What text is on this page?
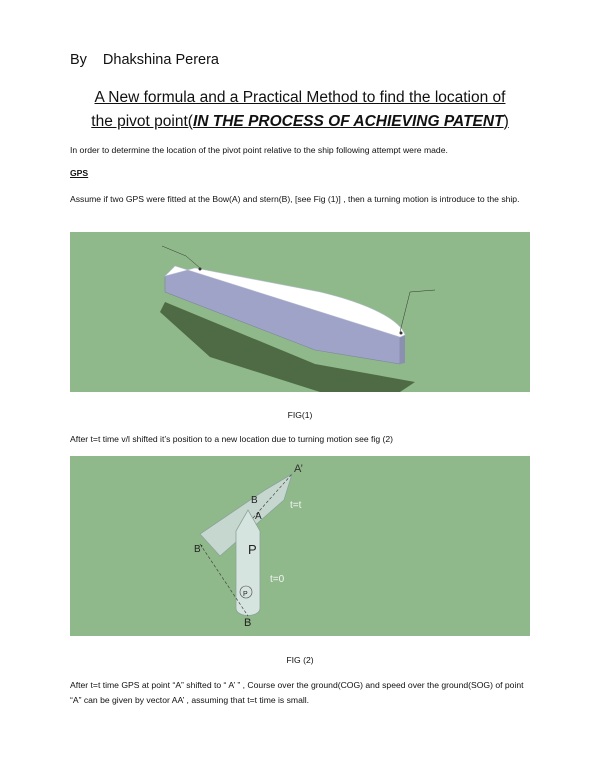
By Dhakshina Perera
A New formula and a Practical Method to find the location of
the pivot point(IN THE PROCESS OF ACHIEVING PATENT)
In order to determine the location of the pivot point relative to the ship following attempt were made.
GPS
Assume if two GPS were fitted at the Bow(A) and stern(B), [see Fig (1)] , then a turning motion is introduce to the ship.
FIG(1)
After t=t time v/l shifted it’s position to a new location due to turning motion see fig (2)
A’
B
A
t=t
B’	P
t=0
P
B
FIG (2)
After t=t time GPS at point “A” shifted to “ A’ ” , Course over the ground(COG) and speed over the ground(SOG) of point “A” can be given by vector AA’ , assuming that t=t time is small.
